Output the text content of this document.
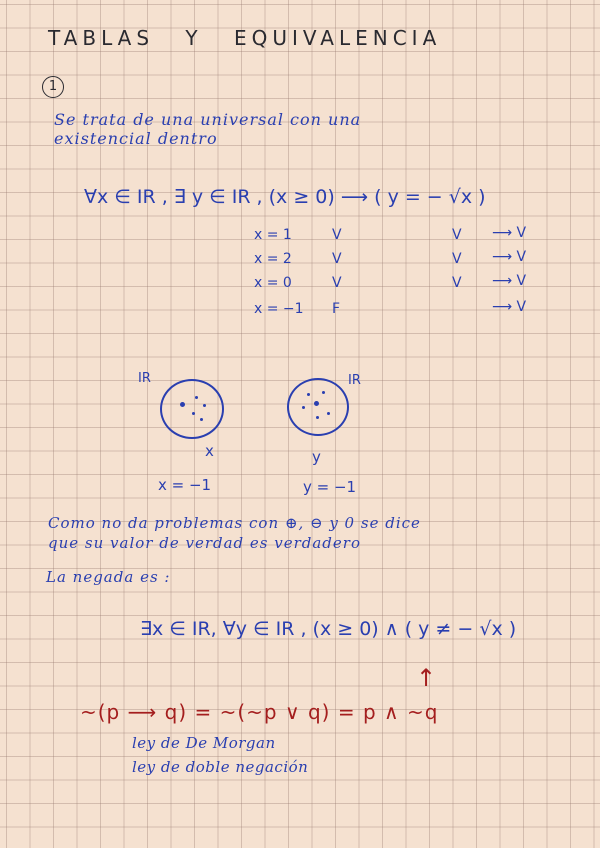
TABLAS Y EQUIVALENCIA
1
Se trata de una universal con una
existencial dentro
∀x ∈ IR , ∃ y ∈ IR , (x ≥ 0) ⟶ ( y = − √x )
x = 1	V	V ⟶ V
x = 2	V	V ⟶ V
x = 0	V	V ⟶ V
x = −1 F	⟶ V
IR	IR
x	y
x = −1	y = −1
Como no da problemas con ⊕, ⊖ y 0 se dice
que su valor de verdad es verdadero
La negada es :
∃x ∈ IR, ∀y ∈ IR , (x ≥ 0) ∧ ( y ≠ − √x )
↑
~(p ⟶ q) = ~(~p ∨ q) = p ∧ ~q
ley de De Morgan
ley de doble negación
